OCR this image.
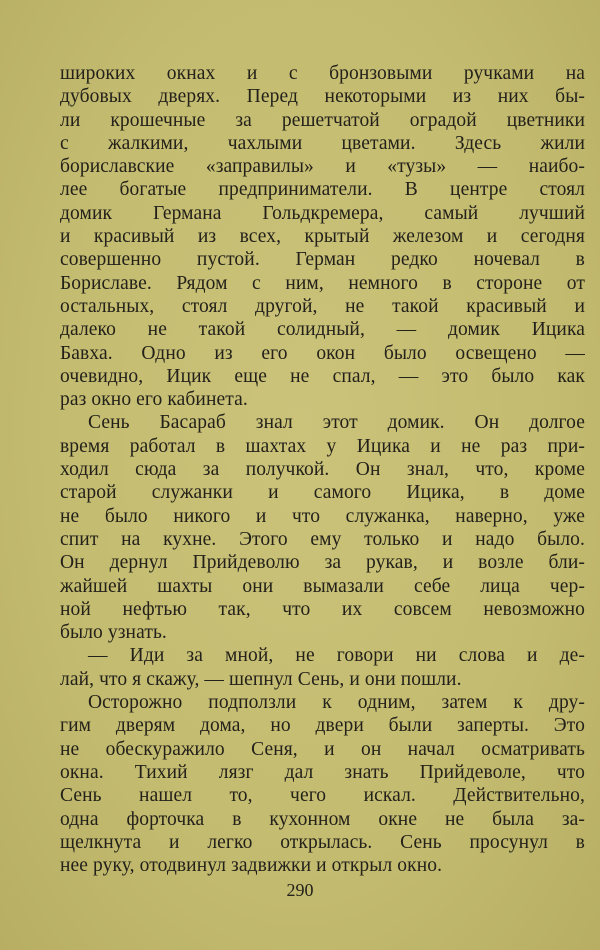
широких окнах и с бронзовыми ручками на
дубовых дверях. Перед некоторыми из них бы-
ли крошечные за решетчатой оградой цветники
с жалкими, чахлыми цветами. Здесь жили
бориславские «заправилы» и «тузы» — наибо-
лее богатые предприниматели. В центре стоял
домик Германа Гольдкремера, самый лучший
и красивый из всех, крытый железом и сегодня
совершенно пустой. Герман редко ночевал в
Бориславе. Рядом с ним, немного в стороне от
остальных, стоял другой, не такой красивый и
далеко не такой солидный, — домик Ицика
Бавха. Одно из его окон было освещено —
очевидно, Ицик еще не спал, — это было как
раз окно его кабинета.
Сень Басараб знал этот домик. Он долгое
время работал в шахтах у Ицика и не раз при-
ходил сюда за получкой. Он знал, что, кроме
старой служанки и самого Ицика, в доме
не было никого и что служанка, наверно, уже
спит на кухне. Этого ему только и надо было.
Он дернул Прийдеволю за рукав, и возле бли-
жайшей шахты они вымазали себе лица чер-
ной нефтью так, что их совсем невозможно
было узнать.
— Иди за мной, не говори ни слова и де-
лай, что я скажу, — шепнул Сень, и они пошли.
Осторожно подползли к одним, затем к дру-
гим дверям дома, но двери были заперты. Это
не обескуражило Сеня, и он начал осматривать
окна. Тихий лязг дал знать Прийдеволе, что
Сень нашел то, чего искал. Действительно,
одна форточка в кухонном окне не была за-
щелкнута и легко открылась. Сень просунул в
нее руку, отодвинул задвижки и открыл окно.
290
